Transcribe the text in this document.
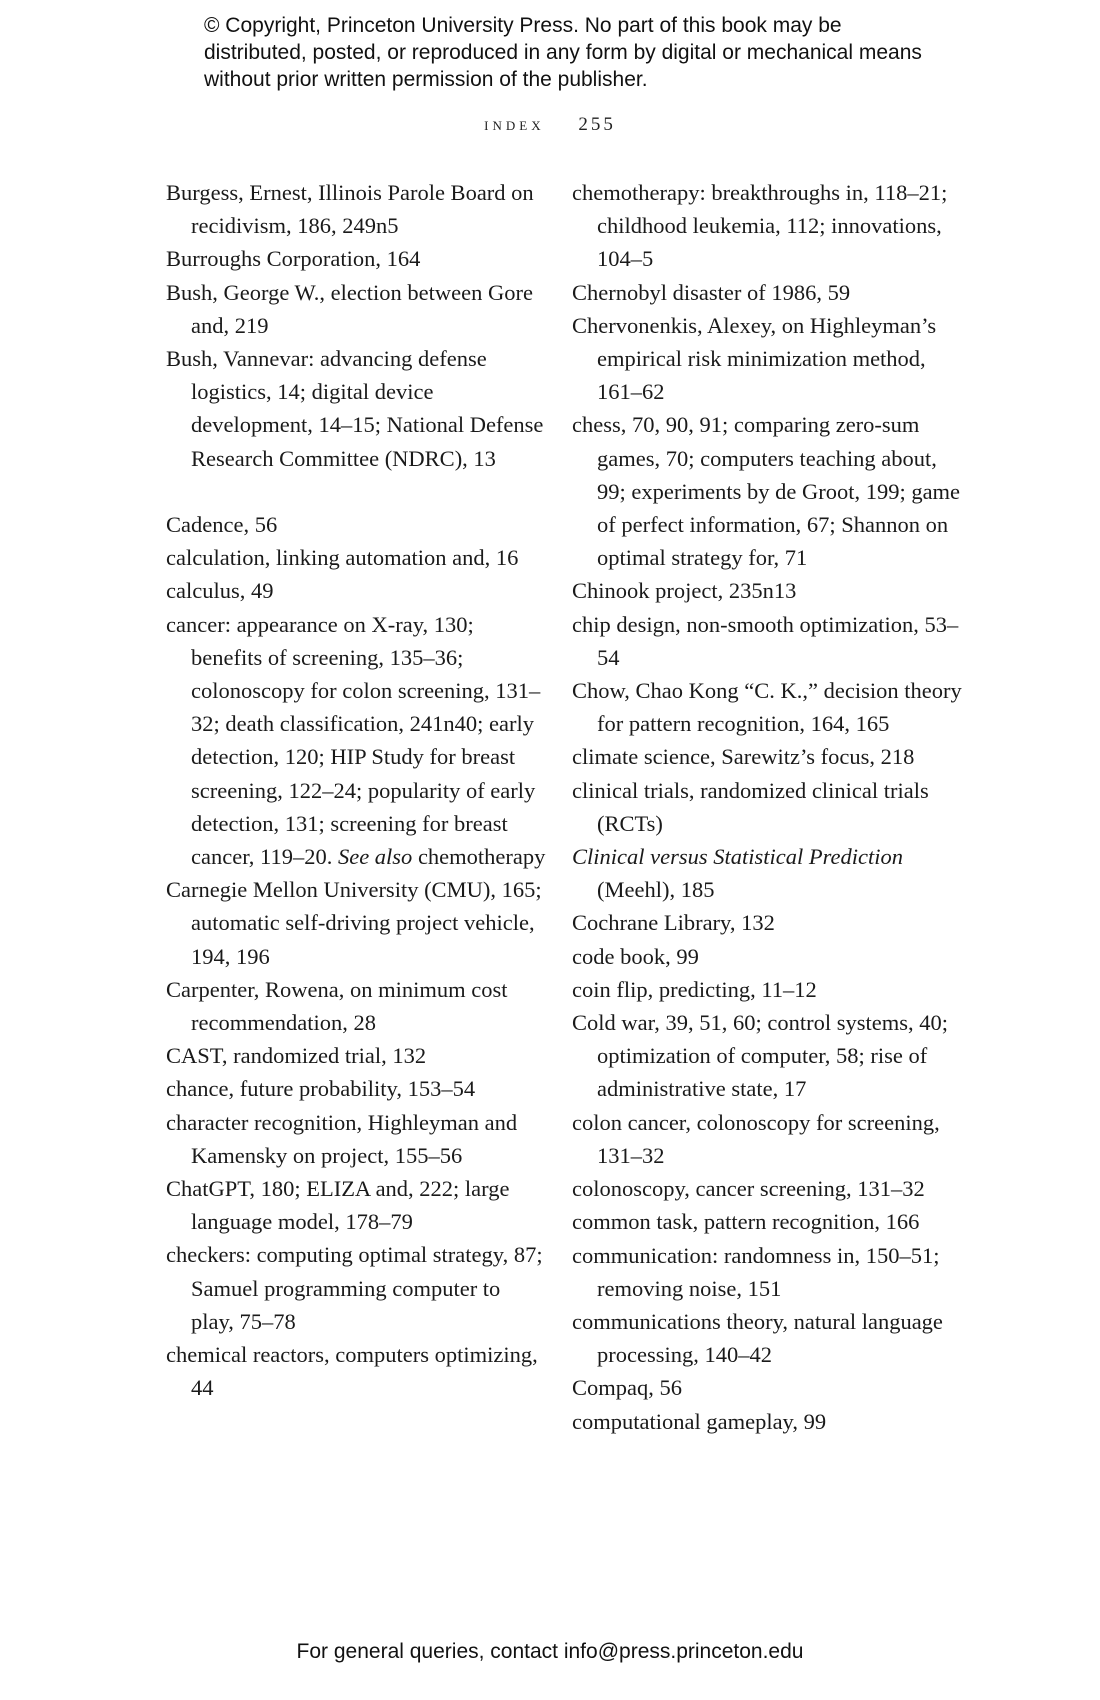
© Copyright, Princeton University Press. No part of this book may be distributed, posted, or reproduced in any form by digital or mechanical means without prior written permission of the publisher.
index 255

Burgess, Ernest, Illinois Parole Board on recidivism, 186, 249n5

Burroughs Corporation, 164

Bush, George W., election between Gore and, 219

Bush, Vannevar: advancing defense logistics, 14; digital device development, 14–15; National Defense Research Committee (NDRC), 13

Cadence, 56

calculation, linking automation and, 16

calculus, 49

cancer: appearance on X-ray, 130; benefits of screening, 135–36; colonoscopy for colon screening, 131–32; death classification, 241n40; early detection, 120; HIP Study for breast screening, 122–24; popularity of early detection, 131; screening for breast cancer, 119–20. See also chemotherapy

Carnegie Mellon University (CMU), 165; automatic self-driving project vehicle, 194, 196

Carpenter, Rowena, on minimum cost recommendation, 28

CAST, randomized trial, 132

chance, future probability, 153–54

character recognition, Highleyman and Kamensky on project, 155–56

ChatGPT, 180; ELIZA and, 222; large language model, 178–79

checkers: computing optimal strategy, 87; Samuel programming computer to play, 75–78

chemical reactors, computers optimizing, 44

chemotherapy: breakthroughs in, 118–21; childhood leukemia, 112; innovations, 104–5

Chernobyl disaster of 1986, 59

Chervonenkis, Alexey, on Highleyman’s empirical risk minimization method, 161–62

chess, 70, 90, 91; comparing zero-sum games, 70; computers teaching about, 99; experiments by de Groot, 199; game of perfect information, 67; Shannon on optimal strategy for, 71

Chinook project, 235n13

chip design, non-smooth optimization, 53–54

Chow, Chao Kong “C. K.,” decision theory for pattern recognition, 164, 165

climate science, Sarewitz’s focus, 218

clinical trials, randomized clinical trials (RCTs)

Clinical versus Statistical Prediction (Meehl), 185

Cochrane Library, 132

code book, 99

coin flip, predicting, 11–12

Cold war, 39, 51, 60; control systems, 40; optimization of computer, 58; rise of administrative state, 17

colon cancer, colonoscopy for screening, 131–32

colonoscopy, cancer screening, 131–32

common task, pattern recognition, 166

communication: randomness in, 150–51; removing noise, 151

communications theory, natural language processing, 140–42

Compaq, 56

computational gameplay, 99

For general queries, contact info@press.princeton.edu
